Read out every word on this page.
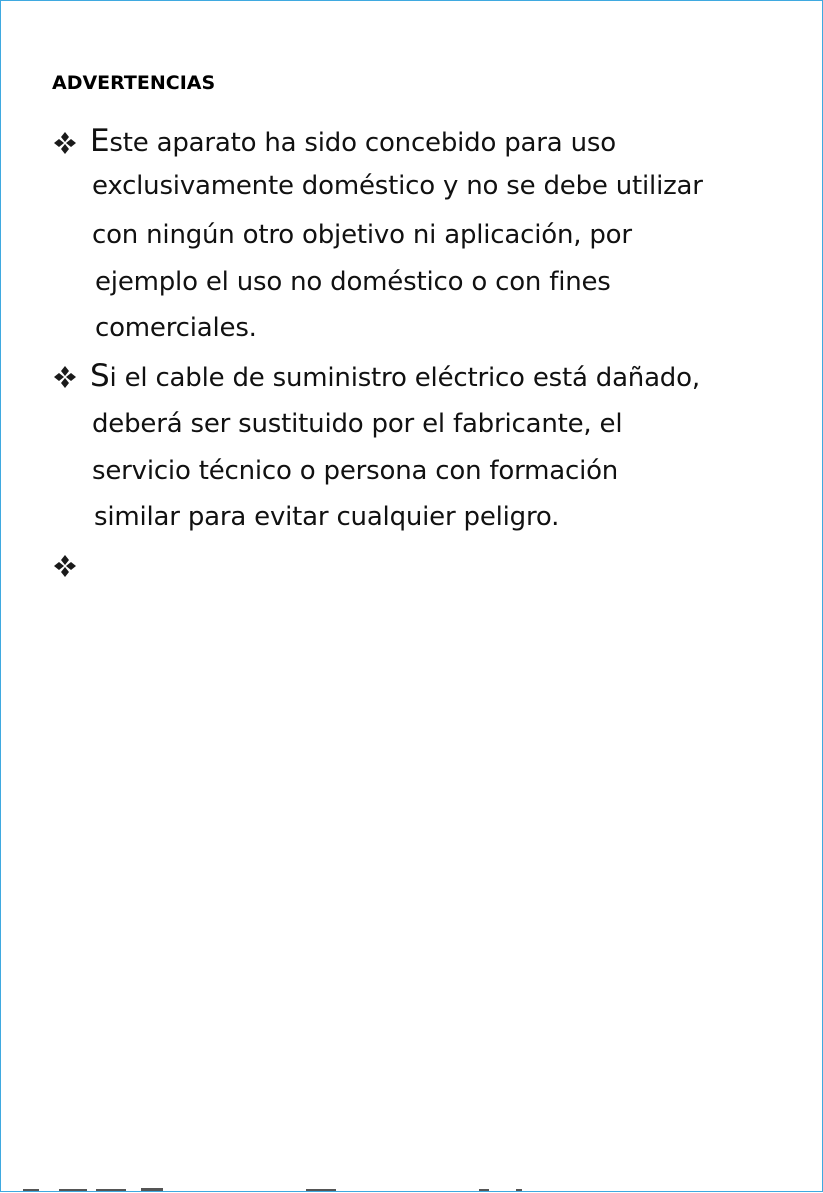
ADVERTENCIAS

Este aparato ha sido concebido para uso

exclusivamente doméstico y no se debe utilizar

con ningún otro objetivo ni aplicación, por

ejemplo el uso no doméstico o con fines

comerciales.

Si el cable de suministro eléctrico está dañado,

deberá ser sustituido por el fabricante, el

servicio técnico o persona con formación

similar para evitar cualquier peligro.
